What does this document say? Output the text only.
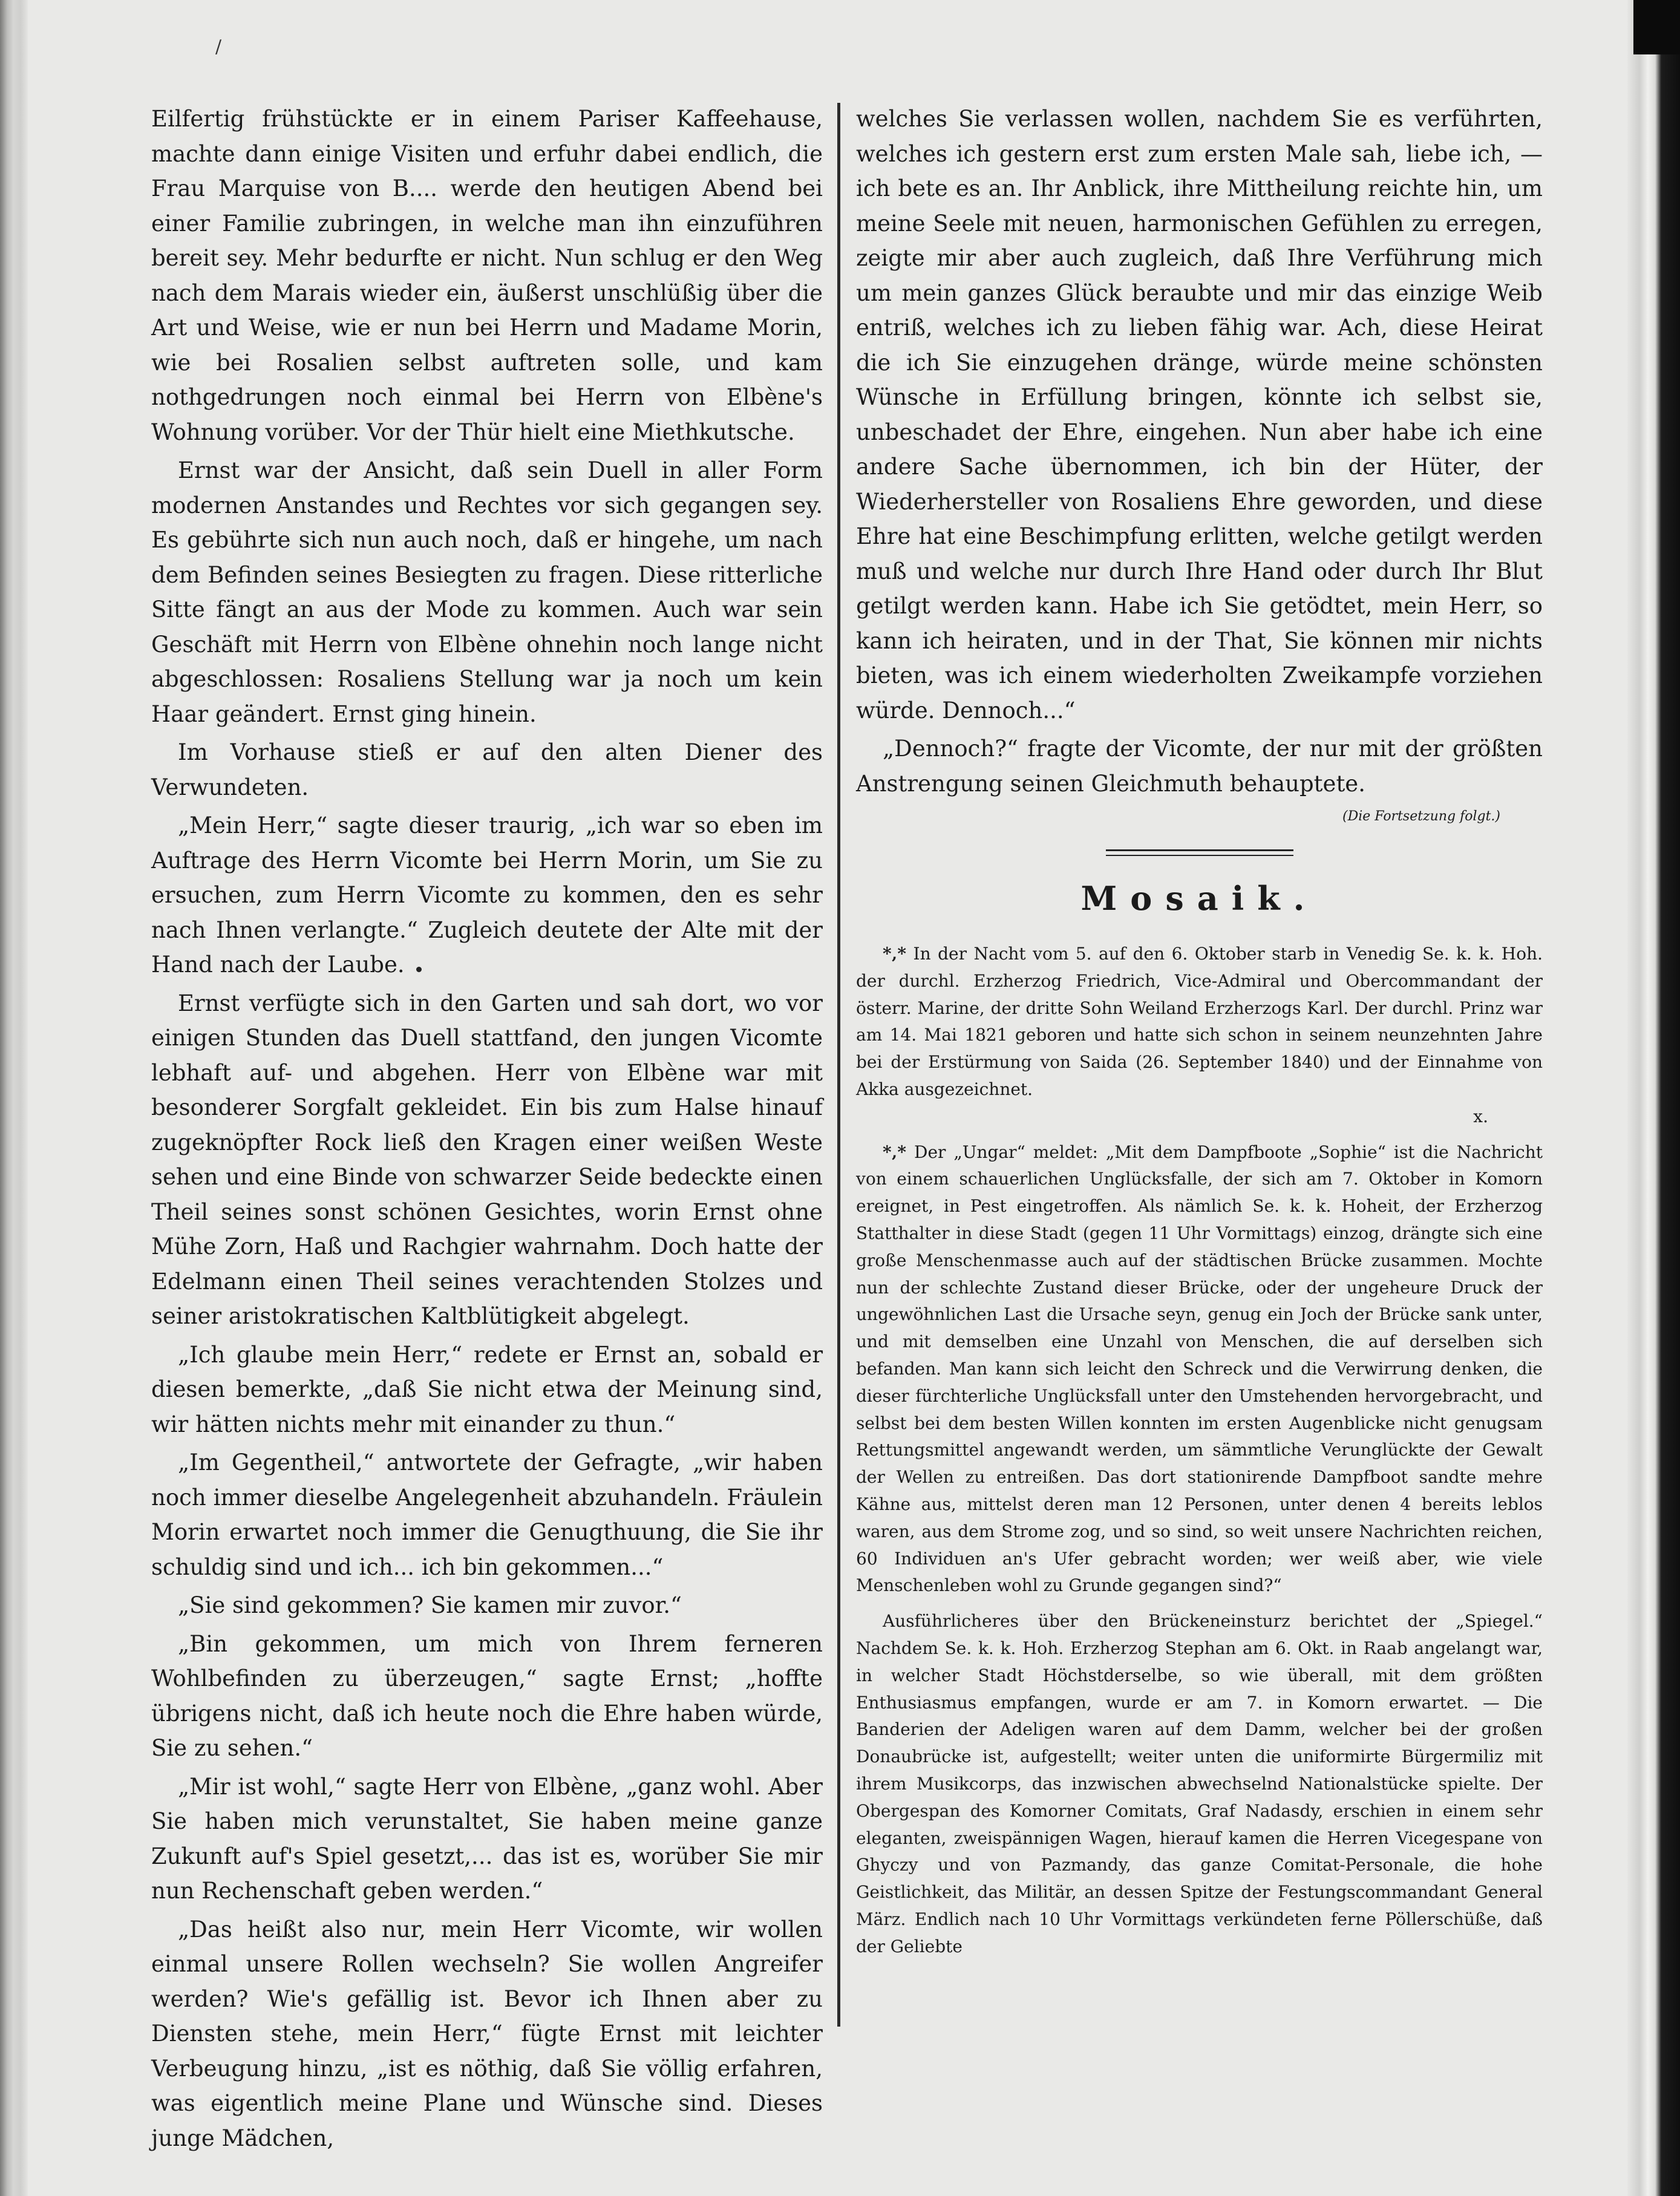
/

Eilfertig frühstückte er in einem Pariser Kaffeehause, machte dann einige Visiten und erfuhr dabei endlich, die Frau Marquise von B.... werde den heutigen Abend bei einer Familie zubringen, in welche man ihn einzuführen bereit sey. Mehr bedurfte er nicht. Nun schlug er den Weg nach dem Marais wieder ein, äußerst unschlüßig über die Art und Weise, wie er nun bei Herrn und Madame Morin, wie bei Rosalien selbst auftreten solle, und kam nothgedrungen noch einmal bei Herrn von Elbène's Wohnung vorüber. Vor der Thür hielt eine Miethkutsche.

Ernst war der Ansicht, daß sein Duell in aller Form modernen Anstandes und Rechtes vor sich gegangen sey. Es gebührte sich nun auch noch, daß er hingehe, um nach dem Befinden seines Besiegten zu fragen. Diese ritterliche Sitte fängt an aus der Mode zu kommen. Auch war sein Geschäft mit Herrn von Elbène ohnehin noch lange nicht abgeschlossen: Rosaliens Stellung war ja noch um kein Haar geändert. Ernst ging hinein.

Im Vorhause stieß er auf den alten Diener des Verwundeten.

„Mein Herr,“ sagte dieser traurig, „ich war so eben im Auftrage des Herrn Vicomte bei Herrn Morin, um Sie zu ersuchen, zum Herrn Vicomte zu kommen, den es sehr nach Ihnen verlangte.“ Zugleich deutete der Alte mit der Hand nach der Laube.

Ernst verfügte sich in den Garten und sah dort, wo vor einigen Stunden das Duell stattfand, den jungen Vicomte lebhaft auf- und abgehen. Herr von Elbène war mit besonderer Sorgfalt gekleidet. Ein bis zum Halse hinauf zugeknöpfter Rock ließ den Kragen einer weißen Weste sehen und eine Binde von schwarzer Seide bedeckte einen Theil seines sonst schönen Gesichtes, worin Ernst ohne Mühe Zorn, Haß und Rachgier wahrnahm. Doch hatte der Edelmann einen Theil seines verachtenden Stolzes und seiner aristokratischen Kaltblütigkeit abgelegt.

„Ich glaube mein Herr,“ redete er Ernst an, sobald er diesen bemerkte, „daß Sie nicht etwa der Meinung sind, wir hätten nichts mehr mit einander zu thun.“

„Im Gegentheil,“ antwortete der Gefragte, „wir haben noch immer dieselbe Angelegenheit abzuhandeln. Fräulein Morin erwartet noch immer die Genugthuung, die Sie ihr schuldig sind und ich... ich bin gekommen...“

„Sie sind gekommen? Sie kamen mir zuvor.“

„Bin gekommen, um mich von Ihrem ferneren Wohlbefinden zu überzeugen,“ sagte Ernst; „hoffte übrigens nicht, daß ich heute noch die Ehre haben würde, Sie zu sehen.“

„Mir ist wohl,“ sagte Herr von Elbène, „ganz wohl. Aber Sie haben mich verunstaltet, Sie haben meine ganze Zukunft auf's Spiel gesetzt,... das ist es, worüber Sie mir nun Rechenschaft geben werden.“

„Das heißt also nur, mein Herr Vicomte, wir wollen einmal unsere Rollen wechseln? Sie wollen Angreifer werden? Wie's gefällig ist. Bevor ich Ihnen aber zu Diensten stehe, mein Herr,“ fügte Ernst mit leichter Verbeugung hinzu, „ist es nöthig, daß Sie völlig erfahren, was eigentlich meine Plane und Wünsche sind. Dieses junge Mädchen,

welches Sie verlassen wollen, nachdem Sie es verführten, welches ich gestern erst zum ersten Male sah, liebe ich, — ich bete es an. Ihr Anblick, ihre Mittheilung reichte hin, um meine Seele mit neuen, harmonischen Gefühlen zu erregen, zeigte mir aber auch zugleich, daß Ihre Verführung mich um mein ganzes Glück beraubte und mir das einzige Weib entriß, welches ich zu lieben fähig war. Ach, diese Heirat die ich Sie einzugehen dränge, würde meine schönsten Wünsche in Erfüllung bringen, könnte ich selbst sie, unbeschadet der Ehre, eingehen. Nun aber habe ich eine andere Sache übernommen, ich bin der Hüter, der Wiederhersteller von Rosaliens Ehre geworden, und diese Ehre hat eine Beschimpfung erlitten, welche getilgt werden muß und welche nur durch Ihre Hand oder durch Ihr Blut getilgt werden kann. Habe ich Sie getödtet, mein Herr, so kann ich heiraten, und in der That, Sie können mir nichts bieten, was ich einem wiederholten Zweikampfe vorziehen würde. Dennoch...“

„Dennoch?“ fragte der Vicomte, der nur mit der größten Anstrengung seinen Gleichmuth behauptete.

(Die Fortsetzung folgt.)
Mosaik.

*‚* In der Nacht vom 5. auf den 6. Oktober starb in Venedig Se. k. k. Hoh. der durchl. Erzherzog Friedrich, Vice-Admiral und Obercommandant der österr. Marine, der dritte Sohn Weiland Erzherzogs Karl. Der durchl. Prinz war am 14. Mai 1821 geboren und hatte sich schon in seinem neunzehnten Jahre bei der Erstürmung von Saida (26. September 1840) und der Einnahme von Akka ausgezeichnet.
x.

*‚* Der „Ungar“ meldet: „Mit dem Dampfboote „Sophie“ ist die Nachricht von einem schauerlichen Unglücksfalle, der sich am 7. Oktober in Komorn ereignet, in Pest eingetroffen. Als nämlich Se. k. k. Hoheit, der Erzherzog Statthalter in diese Stadt (gegen 11 Uhr Vormittags) einzog, drängte sich eine große Menschenmasse auch auf der städtischen Brücke zusammen. Mochte nun der schlechte Zustand dieser Brücke, oder der ungeheure Druck der ungewöhnlichen Last die Ursache seyn, genug ein Joch der Brücke sank unter, und mit demselben eine Unzahl von Menschen, die auf derselben sich befanden. Man kann sich leicht den Schreck und die Verwirrung denken, die dieser fürchterliche Unglücksfall unter den Umstehenden hervorgebracht, und selbst bei dem besten Willen konnten im ersten Augenblicke nicht genugsam Rettungsmittel angewandt werden, um sämmtliche Verunglückte der Gewalt der Wellen zu entreißen. Das dort stationirende Dampfboot sandte mehre Kähne aus, mittelst deren man 12 Personen, unter denen 4 bereits leblos waren, aus dem Strome zog, und so sind, so weit unsere Nachrichten reichen, 60 Individuen an's Ufer gebracht worden; wer weiß aber, wie viele Menschenleben wohl zu Grunde gegangen sind?“

Ausführlicheres über den Brückeneinsturz berichtet der „Spiegel.“ Nachdem Se. k. k. Hoh. Erzherzog Stephan am 6. Okt. in Raab angelangt war, in welcher Stadt Höchstderselbe, so wie überall, mit dem größten Enthusiasmus empfangen, wurde er am 7. in Komorn erwartet. — Die Banderien der Adeligen waren auf dem Damm, welcher bei der großen Donaubrücke ist, aufgestellt; weiter unten die uniformirte Bürgermiliz mit ihrem Musikcorps, das inzwischen abwechselnd Nationalstücke spielte. Der Obergespan des Komorner Comitats, Graf Nadasdy, erschien in einem sehr eleganten, zweispännigen Wagen, hierauf kamen die Herren Vicegespane von Ghyczy und von Pazmandy, das ganze Comitat-Personale, die hohe Geistlichkeit, das Militär, an dessen Spitze der Festungscommandant General März. Endlich nach 10 Uhr Vormittags verkündeten ferne Pöllerschüße, daß der Geliebte
